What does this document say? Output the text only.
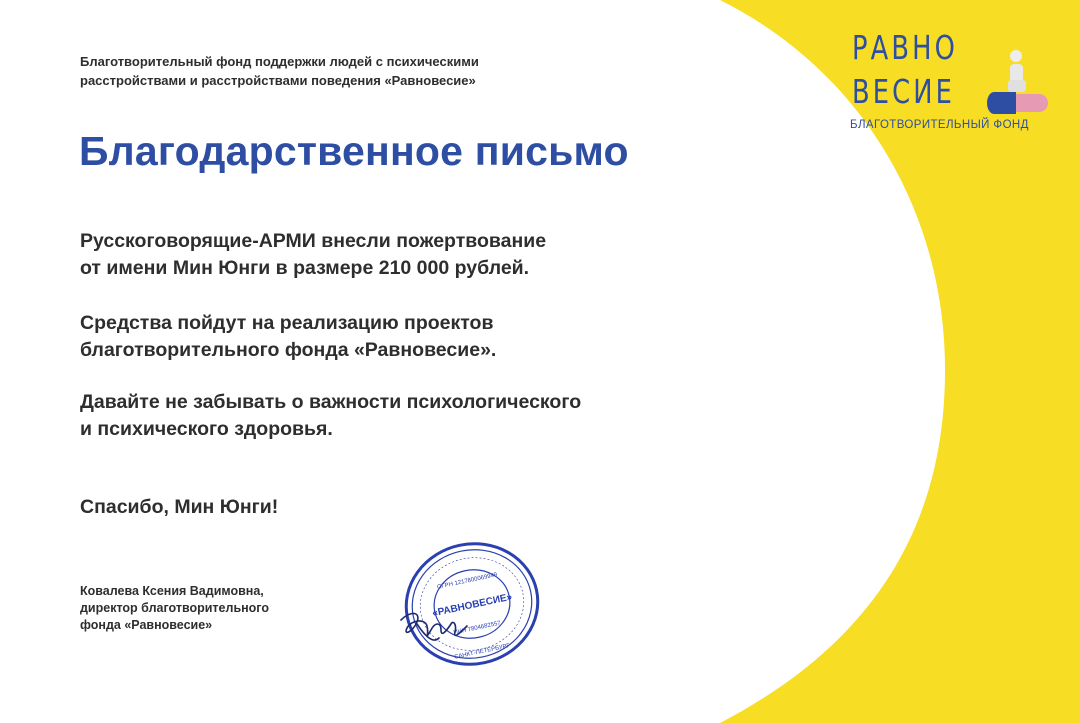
Благотворительный фонд поддержки людей с психическими
расстройствами и расстройствами поведения «Равновесие»
РАВНО
ВЕСИЕ
БЛАГОТВОРИТЕЛЬНЫЙ ФОНД
Благодарственное письмо
Русскоговорящие-АРМИ внесли пожертвование
от имени Мин Юнги в размере 210 000 рублей.
Средства пойдут на реализацию проектов
благотворительного фонда «Равновесие».
Давайте не забывать о важности психологического
и психического здоровья.
Спасибо, Мин Юнги!
Ковалева Ксения Вадимовна,
директор благотворительного
фонда «Равновесие»
«РАВНОВЕСИЕ»
ОГРН 1217800069949
ИНН 7804682557
САНКТ-ПЕТЕРБУРГ
